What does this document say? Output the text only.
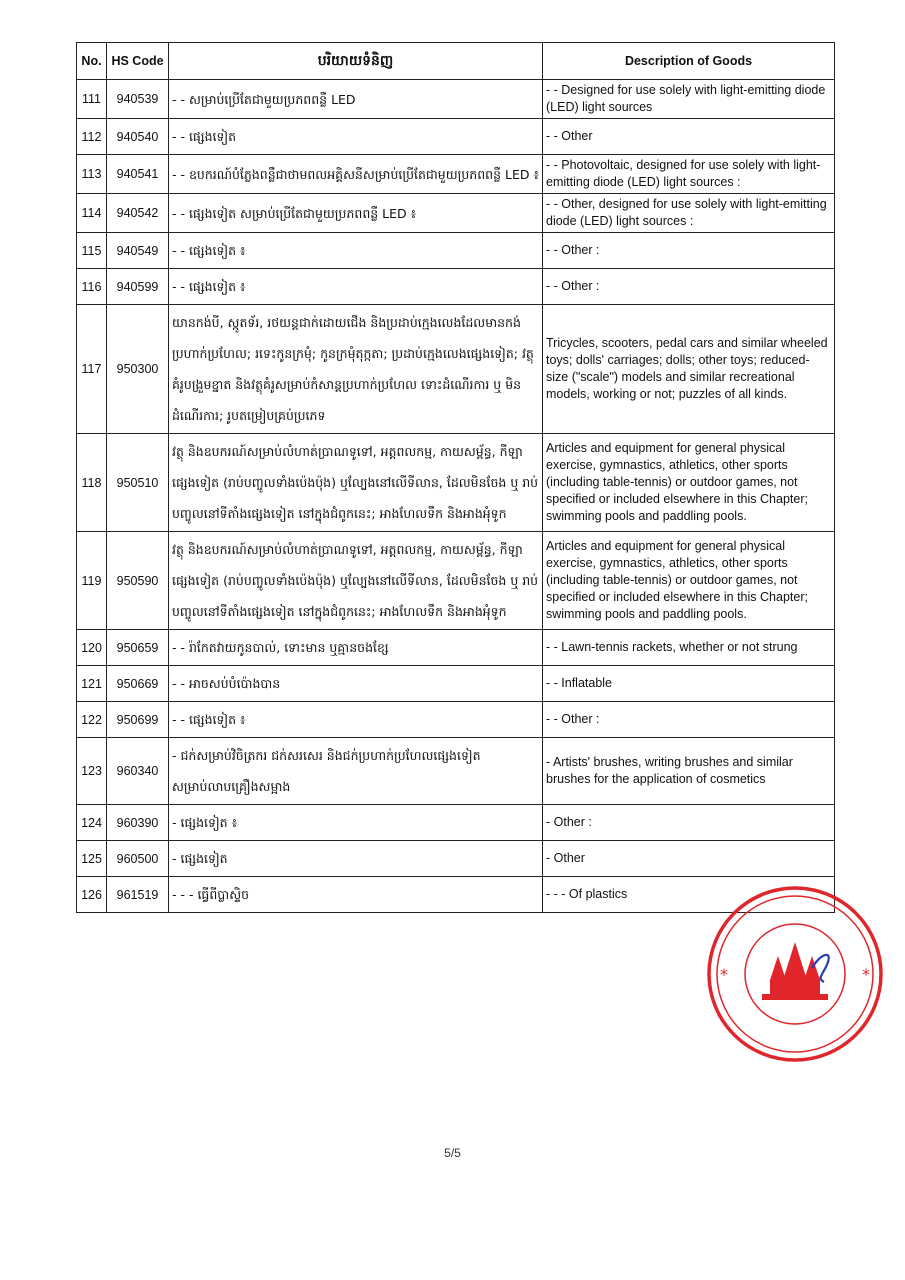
No.	HS Code	បរិយាយទំនិញ	Description of Goods
111	940539	- - សម្រាប់ប្រើតែជាមួយប្រភពពន្លឺ LED	- - Designed for use solely with light-emitting diode (LED) light sources
112	940540	- - ផ្សេងទៀត	- - Other
113	940541	- - ឧបករណ៍បំភ្លែងពន្លឺជាថាមពលអគ្គិសនីសម្រាប់ប្រើតែជាមួយប្រភពពន្លឺ LED ៖	- - Photovoltaic, designed for use solely with light-emitting diode (LED) light sources :
114	940542	- - ផ្សេងទៀត សម្រាប់ប្រើតែជាមួយប្រភពពន្លឺ LED ៖	- - Other, designed for use solely with light-emitting diode (LED) light sources :
115	940549	- - ផ្សេងទៀត ៖	- - Other :
116	940599	- - ផ្សេងទៀត ៖	- - Other :
117	950300	យានកង់បី, ស្កូតទ័រ, រថយន្តជាក់ដោយជើង និងប្រដាប់ក្មេងលេងដែលមានកង់ប្រហាក់ប្រហែល; រទេះកូនក្រមុំ; កូនក្រមុំតុក្កតា; ប្រដាប់ក្មេងលេងផ្សេងទៀត; វត្ថុគំរូបង្រួមខ្នាត និងវត្ថុគំរូសម្រាប់កំសាន្តប្រហាក់ប្រហែល ទោះដំណើរការ ឬ មិនដំណើរការ; រូបតម្រៀបគ្រប់ប្រភេទ	Tricycles, scooters, pedal cars and similar wheeled toys; dolls' carriages; dolls; other toys; reduced-size ("scale") models and similar recreational models, working or not; puzzles of all kinds.
118	950510	វត្ថុ និងឧបករណ៍សម្រាប់លំហាត់ប្រាណទូទៅ, អត្តពលកម្ម, កាយសម្ព័ន្ធ, កីឡាផ្សេងទៀត (រាប់បញ្ចូលទាំងប៉េងប៉ុង) ឬល្បែងនៅលើទីលាន, ដែលមិនចែង ឬ រាប់បញ្ចូលនៅទីតាំងផ្សេងទៀត នៅក្នុងជំពូកនេះ; អាងហែលទឹក និងអាងអុំទូក	Articles and equipment for general physical exercise, gymnastics, athletics, other sports (including table-tennis) or outdoor games, not specified or included elsewhere in this Chapter; swimming pools and paddling pools.
119	950590	វត្ថុ និងឧបករណ៍សម្រាប់លំហាត់ប្រាណទូទៅ, អត្តពលកម្ម, កាយសម្ព័ន្ធ, កីឡាផ្សេងទៀត (រាប់បញ្ចូលទាំងប៉េងប៉ុង) ឬល្បែងនៅលើទីលាន, ដែលមិនចែង ឬ រាប់បញ្ចូលនៅទីតាំងផ្សេងទៀត នៅក្នុងជំពូកនេះ; អាងហែលទឹក និងអាងអុំទូក	Articles and equipment for general physical exercise, gymnastics, athletics, other sports (including table-tennis) or outdoor games, not specified or included elsewhere in this Chapter; swimming pools and paddling pools.
120	950659	- - រ៉ាកែតវាយកូនបាល់, ទោះមាន ឬគ្មានចងខ្សែ	- - Lawn-tennis rackets, whether or not strung
121	950669	- - អាចសប់បំប៉ោងបាន	- - Inflatable
122	950699	- - ផ្សេងទៀត ៖	- - Other :
123	960340	- ជក់សម្រាប់វិចិត្រករ ជក់សរសេរ និងជក់ប្រហាក់ប្រហែលផ្សេងទៀត សម្រាប់លាបគ្រឿងសម្អាង	- Artists' brushes, writing brushes and similar brushes for the application of cosmetics
124	960390	- ផ្សេងទៀត ៖	- Other :
125	960500	- ផ្សេងទៀត	- Other
126	961519	- - - ធ្វើពីប្លាស្ទិច	- - - Of plastics
*	*
5/5
